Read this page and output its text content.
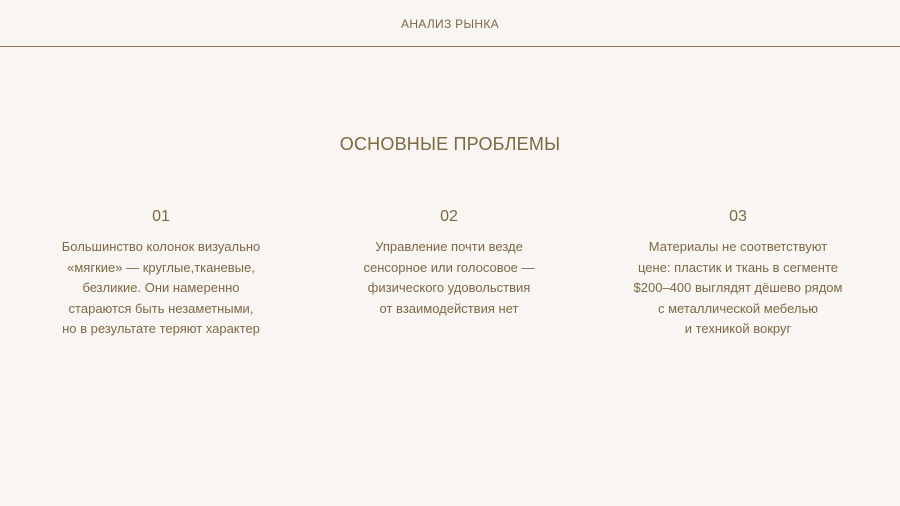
АНАЛИЗ РЫНКА
ОСНОВНЫЕ ПРОБЛЕМЫ
01
Большинство колонок визуально
«мягкие» — круглые,тканевые,
безликие. Они намеренно
стараются быть незаметными,
но в результате теряют характер
02
Управление почти везде
сенсорное или голосовое —
физического удовольствия
от взаимодействия нет
03
Материалы не соответствуют
цене: пластик и ткань в сегменте
$200–400 выглядят дёшево рядом
с металлической мебелью
и техникой вокруг
